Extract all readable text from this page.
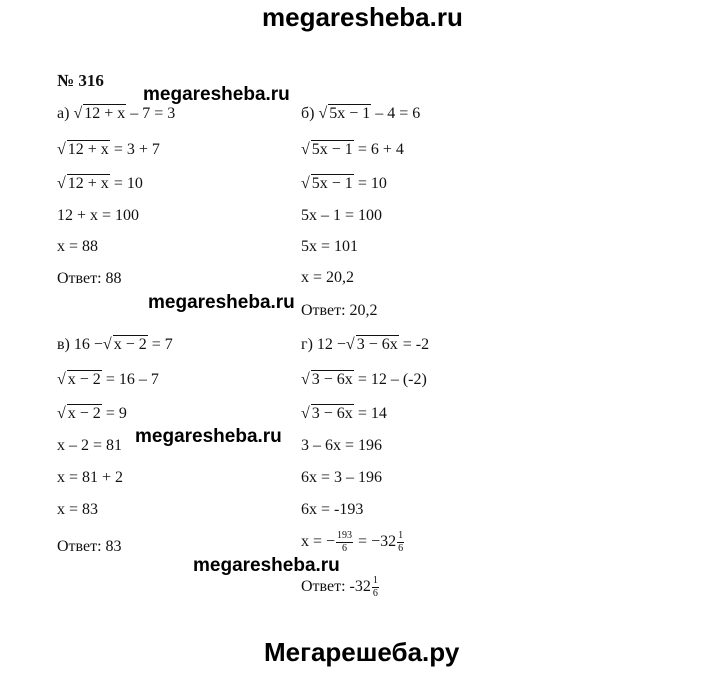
megaresheba.ru
№ 316
а) √ 12 + x – 7 = 3
√ 12 + x = 3 + 7
√ 12 + x = 10
12 + x = 100
x = 88
Ответ: 88
б) √ 5x − 1 – 4 = 6
√ 5x − 1 = 6 + 4
√ 5x − 1 = 10
5x – 1 = 100
5x = 101
x = 20,2
Ответ: 20,2
megaresheba.ru
megaresheba.ru
в) 16 −√ x − 2 = 7
√ x − 2 = 16 – 7
√ x − 2 = 9
x – 2 = 81
x = 81 + 2
x = 83
Ответ: 83
megaresheba.ru
г) 12 −√ 3 − 6x = -2
√ 3 − 6x = 12 – (-2)
√ 3 − 6x = 14
3 – 6x = 196
6x = 3 – 196
6x = -193
x = − $\frac{193}{6} = -32 \frac{1}{6}$
Ответ: $-32 \frac{1}{6}$
megaresheba.ru
Мегарешеба.ру
